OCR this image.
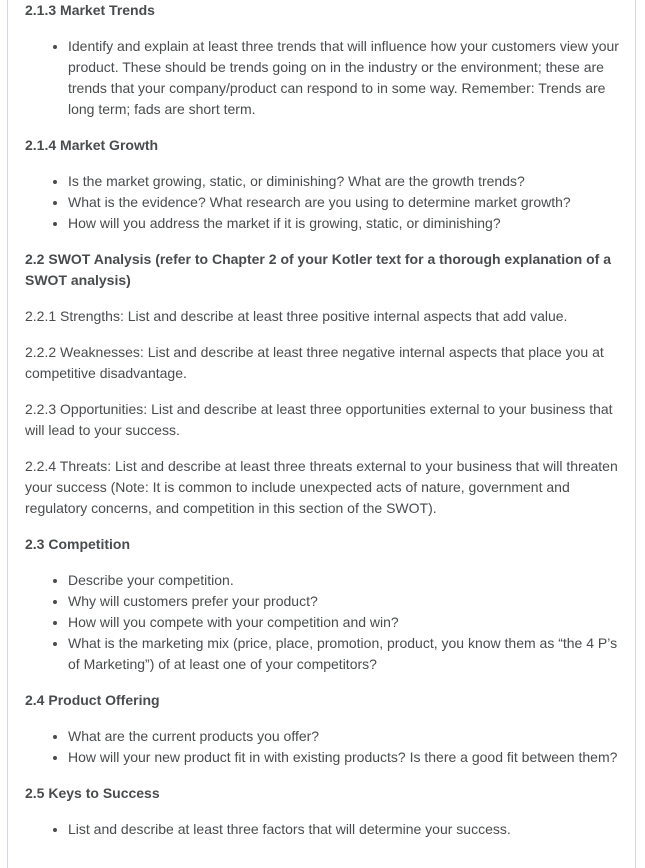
2.1.3 Market Trends
• Identify and explain at least three trends that will influence how your customers view your product. These should be trends going on in the industry or the environment; these are trends that your company/product can respond to in some way. Remember: Trends are long term; fads are short term.
2.1.4 Market Growth
• Is the market growing, static, or diminishing? What are the growth trends?
• What is the evidence? What research are you using to determine market growth?
• How will you address the market if it is growing, static, or diminishing?
2.2 SWOT Analysis (refer to Chapter 2 of your Kotler text for a thorough explanation of a SWOT analysis)

2.2.1 Strengths: List and describe at least three positive internal aspects that add value.

2.2.2 Weaknesses: List and describe at least three negative internal aspects that place you at competitive disadvantage.

2.2.3 Opportunities: List and describe at least three opportunities external to your business that will lead to your success.

2.2.4 Threats: List and describe at least three threats external to your business that will threaten your success (Note: It is common to include unexpected acts of nature, government and regulatory concerns, and competition in this section of the SWOT).

2.3 Competition
• Describe your competition.
• Why will customers prefer your product?
• How will you compete with your competition and win?
• What is the marketing mix (price, place, promotion, product, you know them as “the 4 P’s of Marketing”) of at least one of your competitors?
2.4 Product Offering
• What are the current products you offer?
• How will your new product fit in with existing products? Is there a good fit between them?
2.5 Keys to Success
• List and describe at least three factors that will determine your success.
